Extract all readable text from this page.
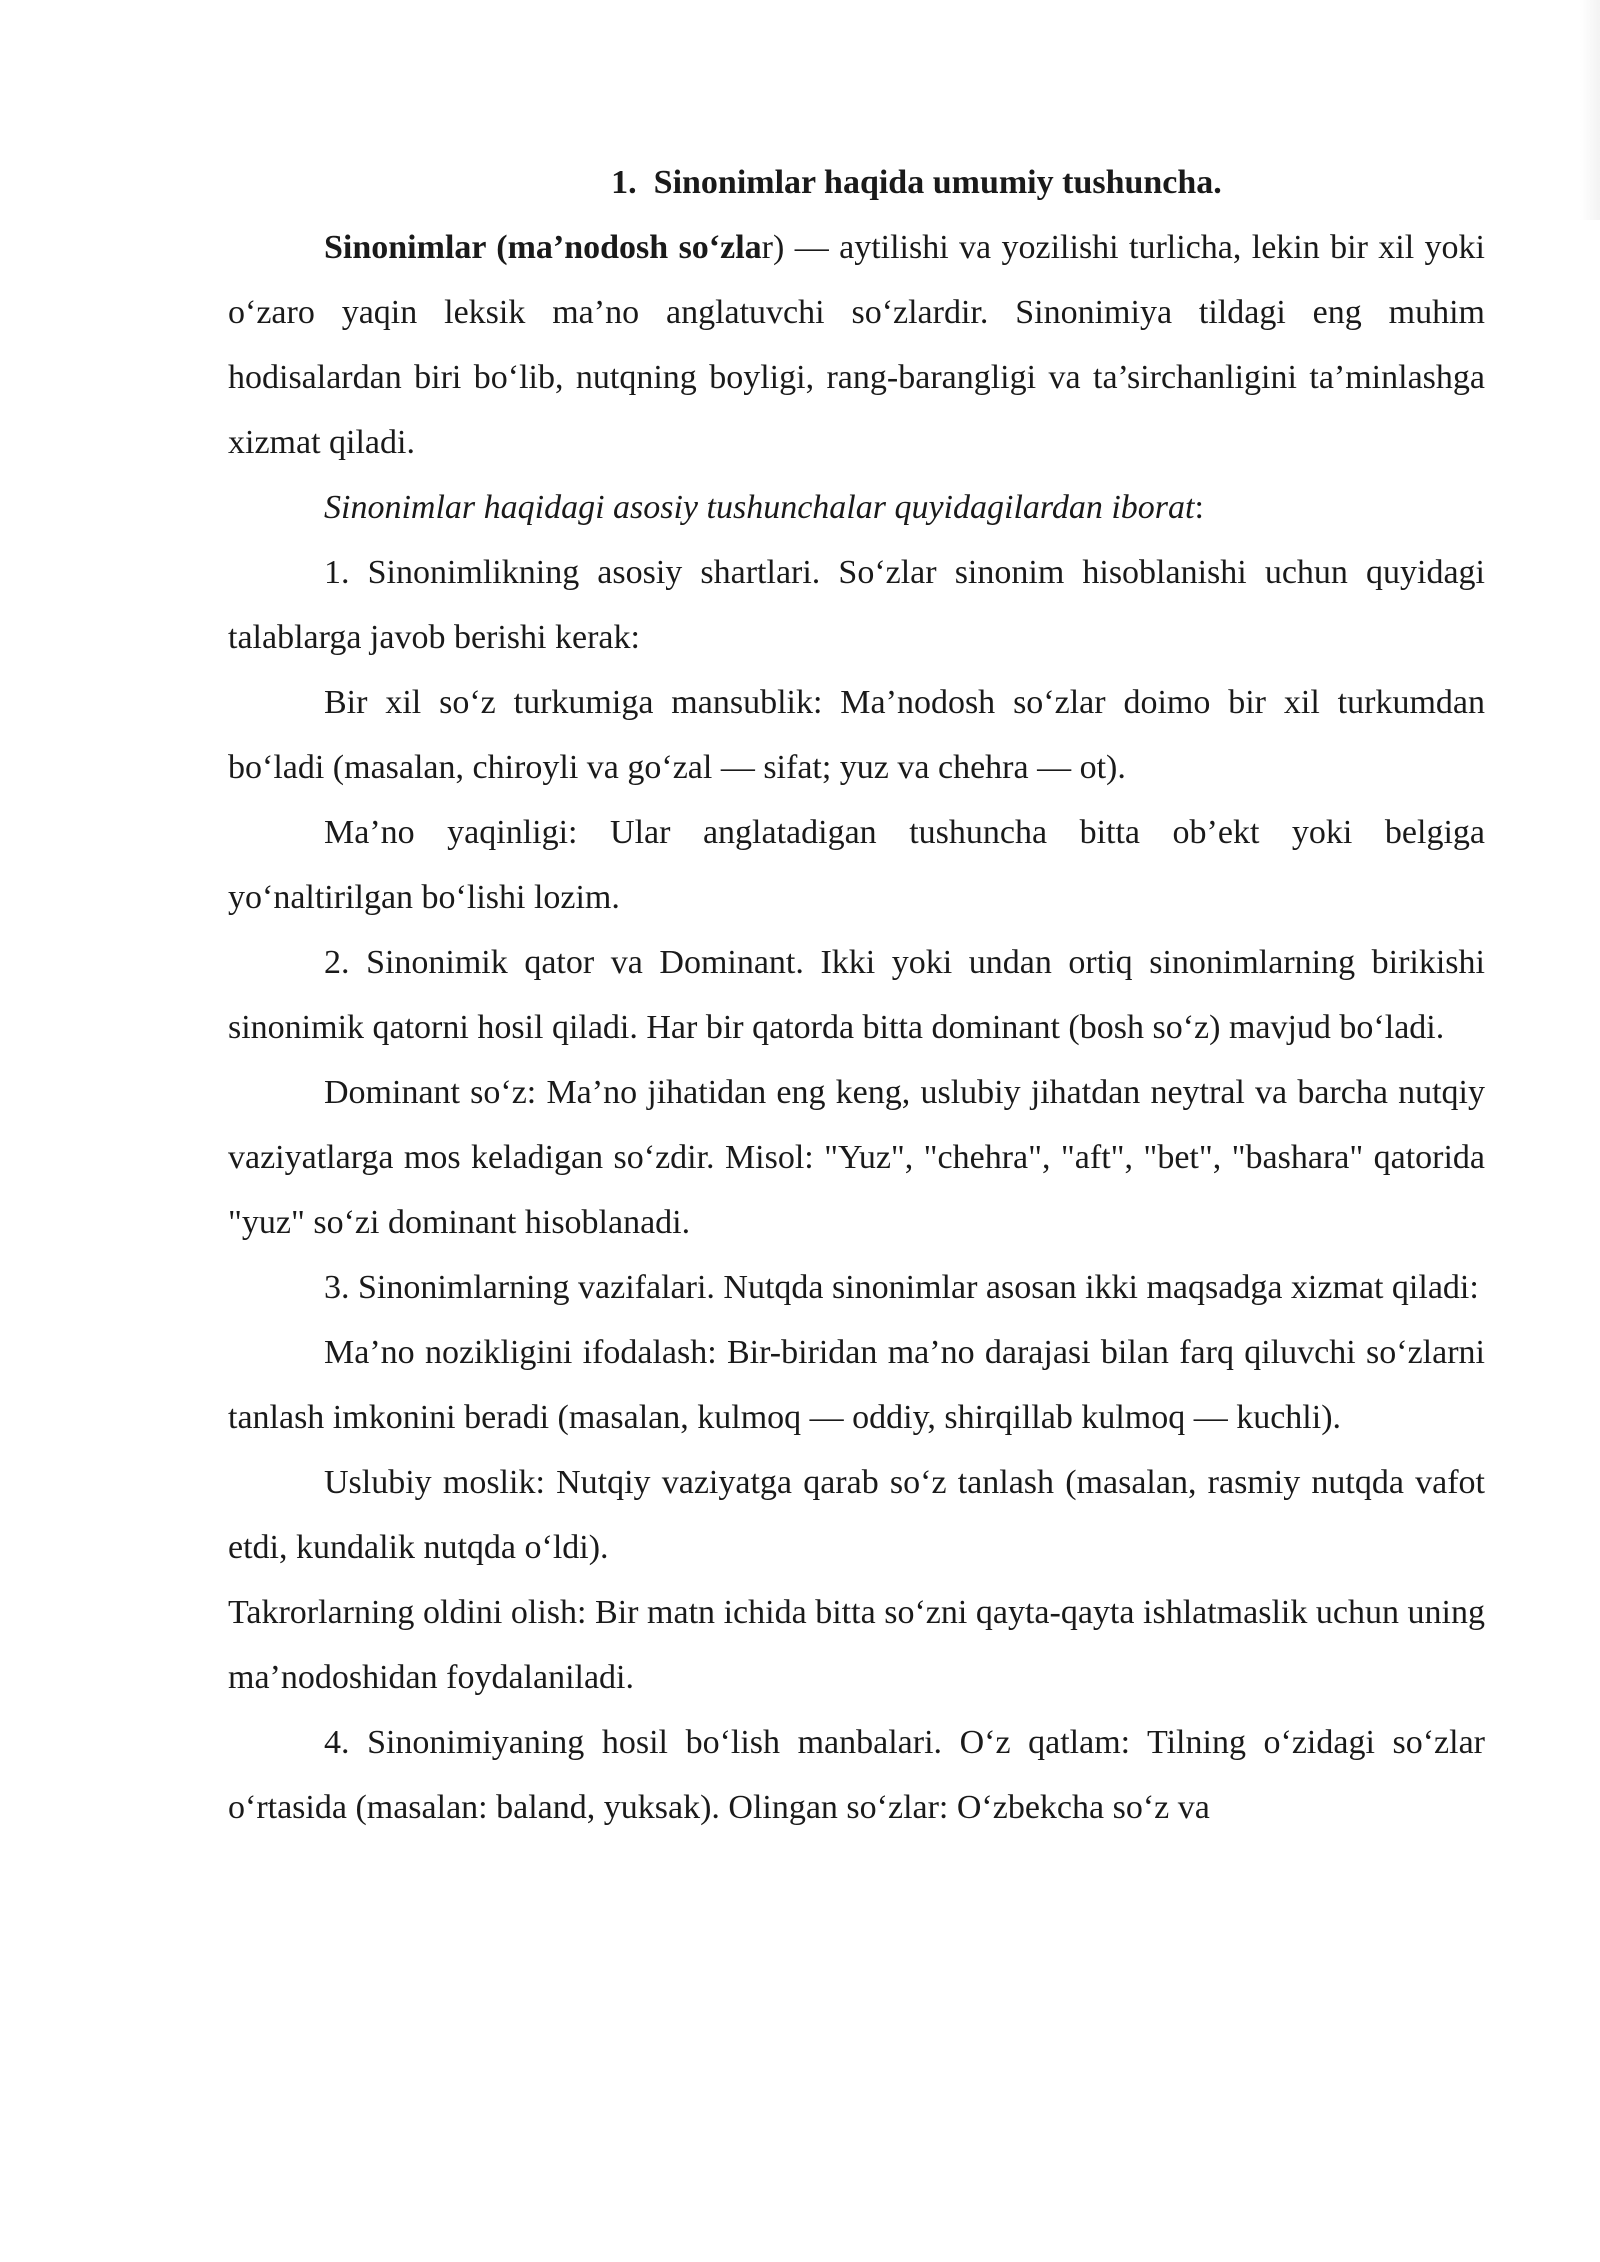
1. Sinonimlar haqida umumiy tushuncha.

Sinonimlar (ma’nodosh so‘zlar) — aytilishi va yozilishi turlicha, lekin bir xil yoki o‘zaro yaqin leksik ma’no anglatuvchi so‘zlardir. Sinonimiya tildagi eng muhim hodisalardan biri bo‘lib, nutqning boyligi, rang-barangligi va ta’sirchanligini ta’minlashga xizmat qiladi.

Sinonimlar haqidagi asosiy tushunchalar quyidagilardan iborat:

1. Sinonimlikning asosiy shartlari. So‘zlar sinonim hisoblanishi uchun quyidagi talablarga javob berishi kerak:

Bir xil so‘z turkumiga mansublik: Ma’nodosh so‘zlar doimo bir xil turkumdan bo‘ladi (masalan, chiroyli va go‘zal — sifat; yuz va chehra — ot).

Ma’no yaqinligi: Ular anglatadigan tushuncha bitta ob’ekt yoki belgiga yo‘naltirilgan bo‘lishi lozim.

2. Sinonimik qator va Dominant. Ikki yoki undan ortiq sinonimlarning birikishi sinonimik qatorni hosil qiladi. Har bir qatorda bitta dominant (bosh so‘z) mavjud bo‘ladi.

Dominant so‘z: Ma’no jihatidan eng keng, uslubiy jihatdan neytral va barcha nutqiy vaziyatlarga mos keladigan so‘zdir. Misol: "Yuz", "chehra", "aft", "bet", "bashara" qatorida "yuz" so‘zi dominant hisoblanadi.

3. Sinonimlarning vazifalari. Nutqda sinonimlar asosan ikki maqsadga xizmat qiladi:

Ma’no nozikligini ifodalash: Bir-biridan ma’no darajasi bilan farq qiluvchi so‘zlarni tanlash imkonini beradi (masalan, kulmoq — oddiy, shirqillab kulmoq — kuchli).

Uslubiy moslik: Nutqiy vaziyatga qarab so‘z tanlash (masalan, rasmiy nutqda vafot etdi, kundalik nutqda o‘ldi).

Takrorlarning oldini olish: Bir matn ichida bitta so‘zni qayta-qayta ishlatmaslik uchun uning ma’nodoshidan foydalaniladi.

4. Sinonimiyaning hosil bo‘lish manbalari. O‘z qatlam: Tilning o‘zidagi so‘zlar o‘rtasida (masalan: baland, yuksak). Olingan so‘zlar: O‘zbekcha so‘z va
